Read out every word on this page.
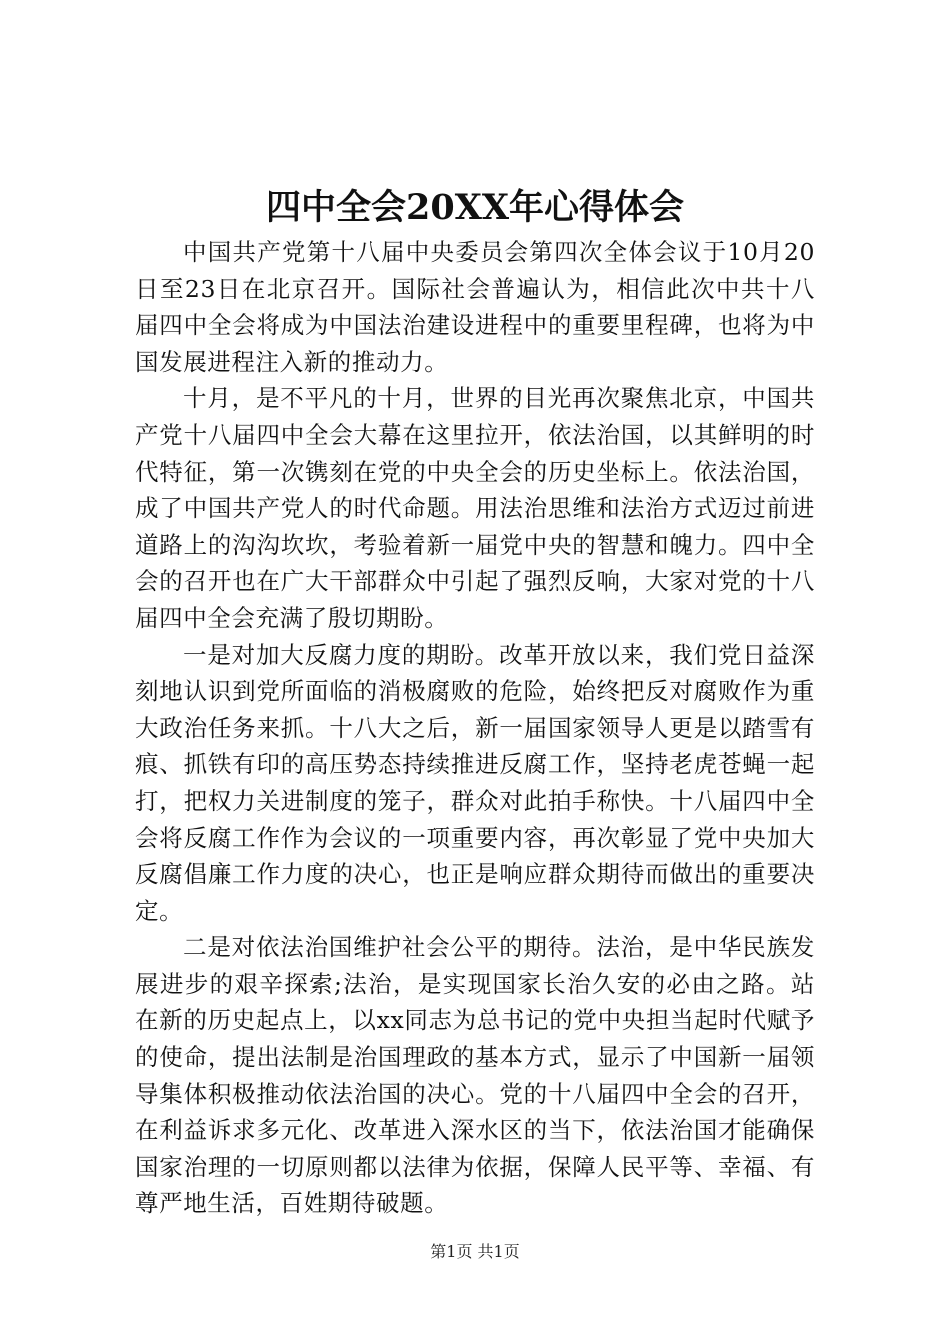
四中全会20XX年心得体会

中国共产党第十八届中央委员会第四次全体会议于10月20日至23日在北京召开。国际社会普遍认为，相信此次中共十八届四中全会将成为中国法治建设进程中的重要里程碑，也将为中国发展进程注入新的推动力。

十月，是不平凡的十月，世界的目光再次聚焦北京，中国共产党十八届四中全会大幕在这里拉开，依法治国，以其鲜明的时代特征，第一次镌刻在党的中央全会的历史坐标上。依法治国，成了中国共产党人的时代命题。用法治思维和法治方式迈过前进道路上的沟沟坎坎，考验着新一届党中央的智慧和魄力。四中全会的召开也在广大干部群众中引起了强烈反响，大家对党的十八届四中全会充满了殷切期盼。

一是对加大反腐力度的期盼。改革开放以来，我们党日益深刻地认识到党所面临的消极腐败的危险，始终把反对腐败作为重大政治任务来抓。十八大之后，新一届国家领导人更是以踏雪有痕、抓铁有印的高压势态持续推进反腐工作，坚持老虎苍蝇一起打，把权力关进制度的笼子，群众对此拍手称快。十八届四中全会将反腐工作作为会议的一项重要内容，再次彰显了党中央加大反腐倡廉工作力度的决心，也正是响应群众期待而做出的重要决定。

二是对依法治国维护社会公平的期待。法治，是中华民族发展进步的艰辛探索;法治，是实现国家长治久安的必由之路。站在新的历史起点上，以xx同志为总书记的党中央担当起时代赋予的使命，提出法制是治国理政的基本方式，显示了中国新一届领导集体积极推动依法治国的决心。党的十八届四中全会的召开，在利益诉求多元化、改革进入深水区的当下，依法治国才能确保国家治理的一切原则都以法律为依据，保障人民平等、幸福、有尊严地生活，百姓期待破题。

第1页 共1页
